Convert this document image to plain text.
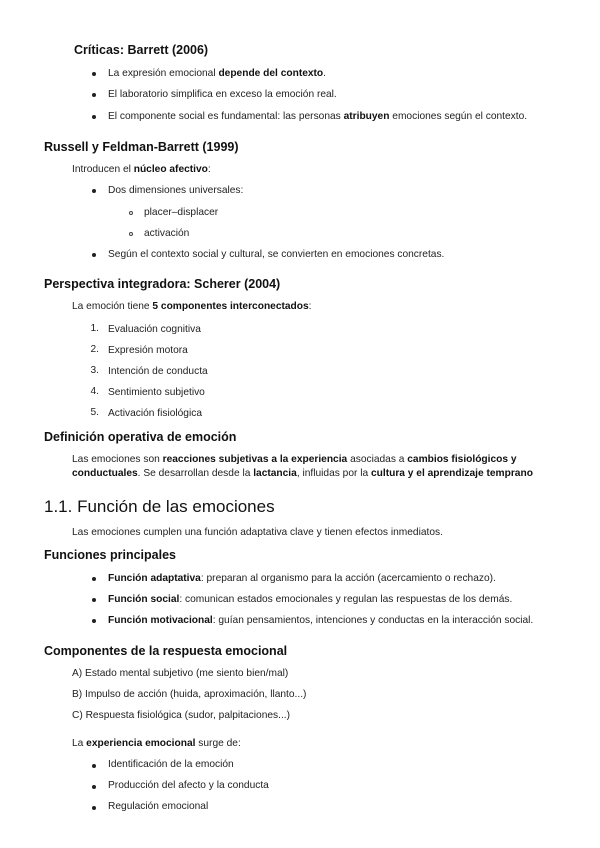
Críticas: Barrett (2006)
La expresión emocional depende del contexto.
El laboratorio simplifica en exceso la emoción real.
El componente social es fundamental: las personas atribuyen emociones según el contexto.
Russell y Feldman-Barrett (1999)
Introducen el núcleo afectivo:
Dos dimensiones universales:
placer–displacer
activación
Según el contexto social y cultural, se convierten en emociones concretas.
Perspectiva integradora: Scherer (2004)
La emoción tiene 5 componentes interconectados:
1. Evaluación cognitiva
2. Expresión motora
3. Intención de conducta
4. Sentimiento subjetivo
5. Activación fisiológica
Definición operativa de emoción
Las emociones son reacciones subjetivas a la experiencia asociadas a cambios fisiológicos y
conductuales. Se desarrollan desde la lactancia, influidas por la cultura y el aprendizaje temprano
1.1. Función de las emociones
Las emociones cumplen una función adaptativa clave y tienen efectos inmediatos.
Funciones principales
Función adaptativa: preparan al organismo para la acción (acercamiento o rechazo).
Función social: comunican estados emocionales y regulan las respuestas de los demás.
Función motivacional: guían pensamientos, intenciones y conductas en la interacción social.
Componentes de la respuesta emocional
A) Estado mental subjetivo (me siento bien/mal)
B) Impulso de acción (huida, aproximación, llanto...)
C) Respuesta fisiológica (sudor, palpitaciones...)
La experiencia emocional surge de:
Identificación de la emoción
Producción del afecto y la conducta
Regulación emocional
